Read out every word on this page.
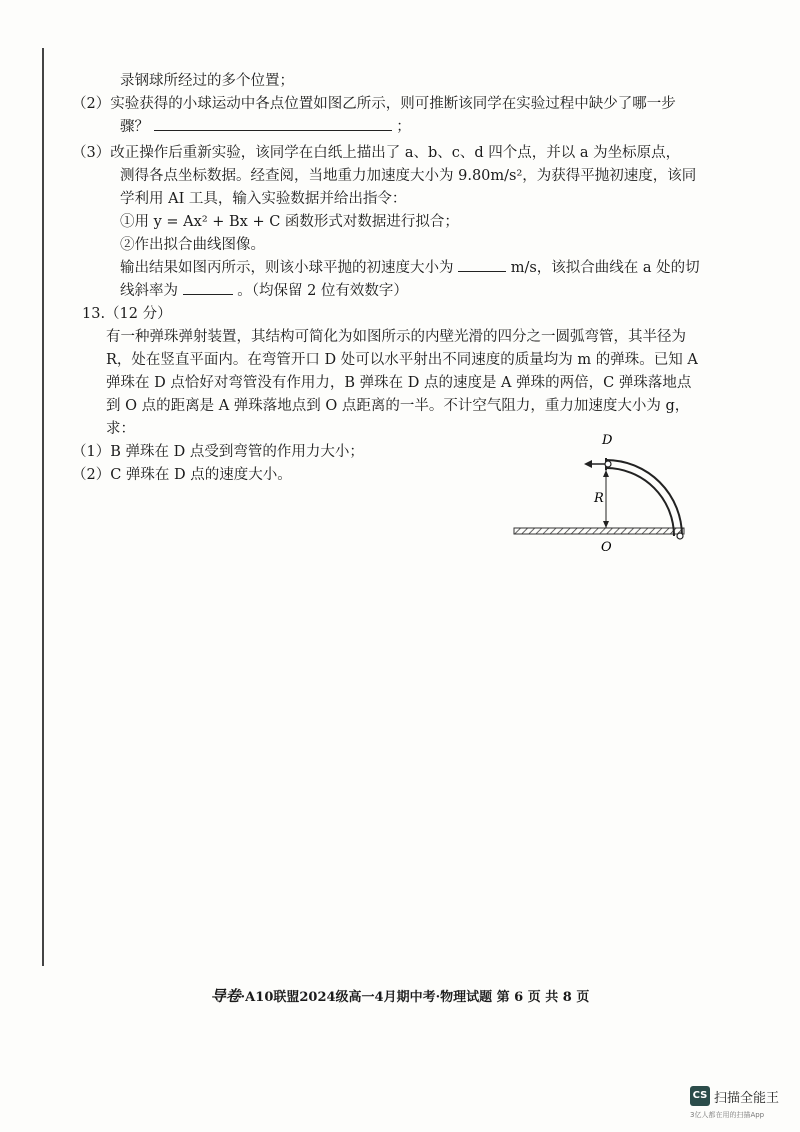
录钢球所经过的多个位置；
（2）实验获得的小球运动中各点位置如图乙所示，则可推断该同学在实验过程中缺少了哪一步
骤？	；
（3）改正操作后重新实验，该同学在白纸上描出了 a、b、c、d 四个点，并以 a 为坐标原点，
测得各点坐标数据。经查阅，当地重力加速度大小为 9.80m/s²，为获得平抛初速度，该同
学利用 AI 工具，输入实验数据并给出指令：
①用 y = Ax² + Bx + C 函数形式对数据进行拟合；
②作出拟合曲线图像。
输出结果如图丙所示，则该小球平抛的初速度大小为	m/s，该拟合曲线在 a 处的切
线斜率为	。（均保留 2 位有效数字）
13.（12 分）
有一种弹珠弹射装置，其结构可简化为如图所示的内壁光滑的四分之一圆弧弯管，其半径为
R，处在竖直平面内。在弯管开口 D 处可以水平射出不同速度的质量均为 m 的弹珠。已知 A
弹珠在 D 点恰好对弯管没有作用力，B 弹珠在 D 点的速度是 A 弹珠的两倍，C 弹珠落地点
到 O 点的距离是 A 弹珠落地点到 O 点距离的一半。不计空气阻力，重力加速度大小为 g，
求：
（1）B 弹珠在 D 点受到弯管的作用力大小；
（2）C 弹珠在 D 点的速度大小。
D
R
O
导卷·A10联盟2024级高一4月期中考·物理试题 第 6 页 共 8 页
CS 扫描全能王
3亿人都在用的扫描App
